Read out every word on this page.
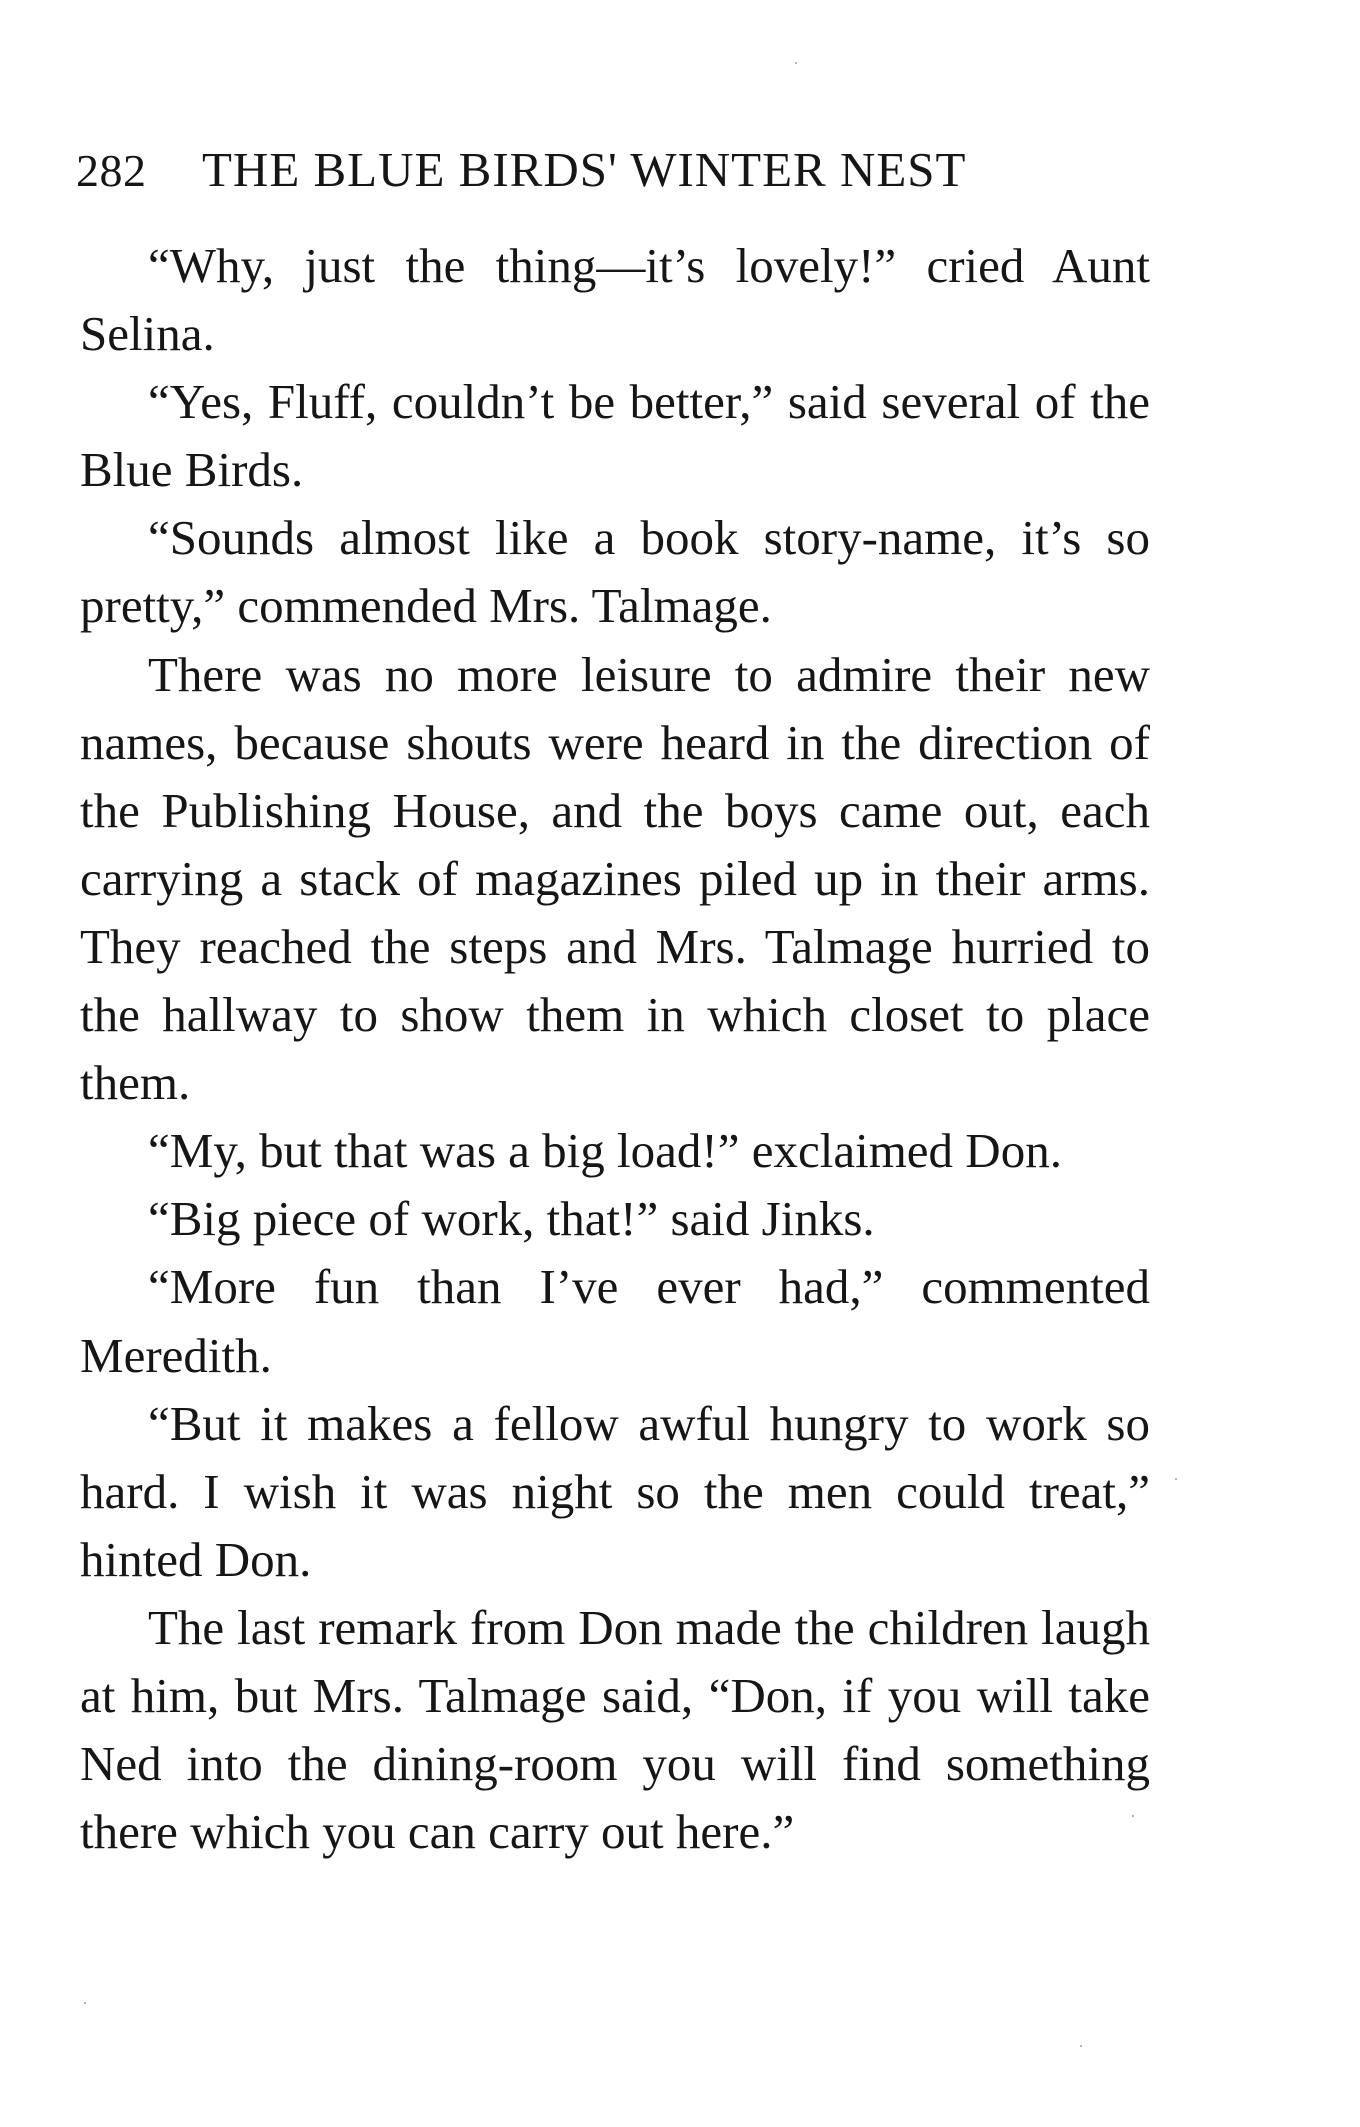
282 THE BLUE BIRDS' WINTER NEST

“Why, just the thing—it’s lovely!” cried Aunt Selina.

“Yes, Fluff, couldn’t be better,” said several of the Blue Birds.

“Sounds almost like a book story-name, it’s so pretty,” commended Mrs. Talmage.

There was no more leisure to admire their new names, because shouts were heard in the direction of the Publishing House, and the boys came out, each carrying a stack of magazines piled up in their arms. They reached the steps and Mrs. Talmage hurried to the hallway to show them in which closet to place them.

“My, but that was a big load!” exclaimed Don.

“Big piece of work, that!” said Jinks.

“More fun than I’ve ever had,” commented Meredith.

“But it makes a fellow awful hungry to work so hard. I wish it was night so the men could treat,” hinted Don.

The last remark from Don made the children laugh at him, but Mrs. Talmage said, “Don, if you will take Ned into the dining-room you will find something there which you can carry out here.”
